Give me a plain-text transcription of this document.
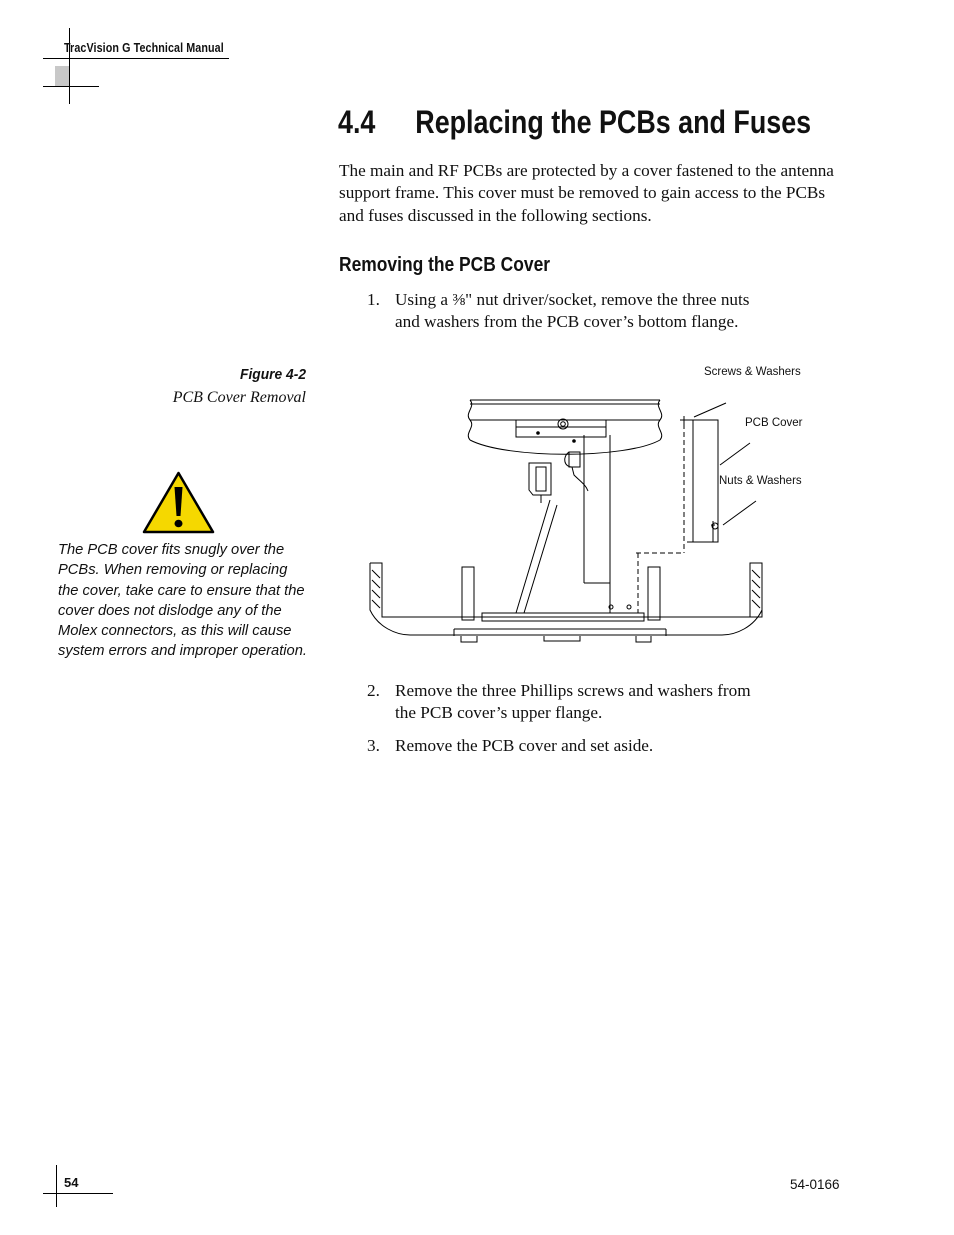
TracVision G Technical Manual
4.4 Replacing the PCBs and Fuses
The main and RF PCBs are protected by a cover fastened to the antenna support frame. This cover must be removed to gain access to the PCBs and fuses discussed in the following sections.
Removing the PCB Cover
1. Using a ⅜" nut driver/socket, remove the three nuts and washers from the PCB cover’s bottom flange.
Figure 4-2
PCB Cover Removal
The PCB cover fits snugly over the PCBs. When removing or replacing the cover, take care to ensure that the cover does not dislodge any of the Molex connectors, as this will cause system errors and improper operation.
Screws & Washers
PCB Cover
Nuts & Washers
2. Remove the three Phillips screws and washers from the PCB cover’s upper flange.
3. Remove the PCB cover and set aside.
54	54-0166
